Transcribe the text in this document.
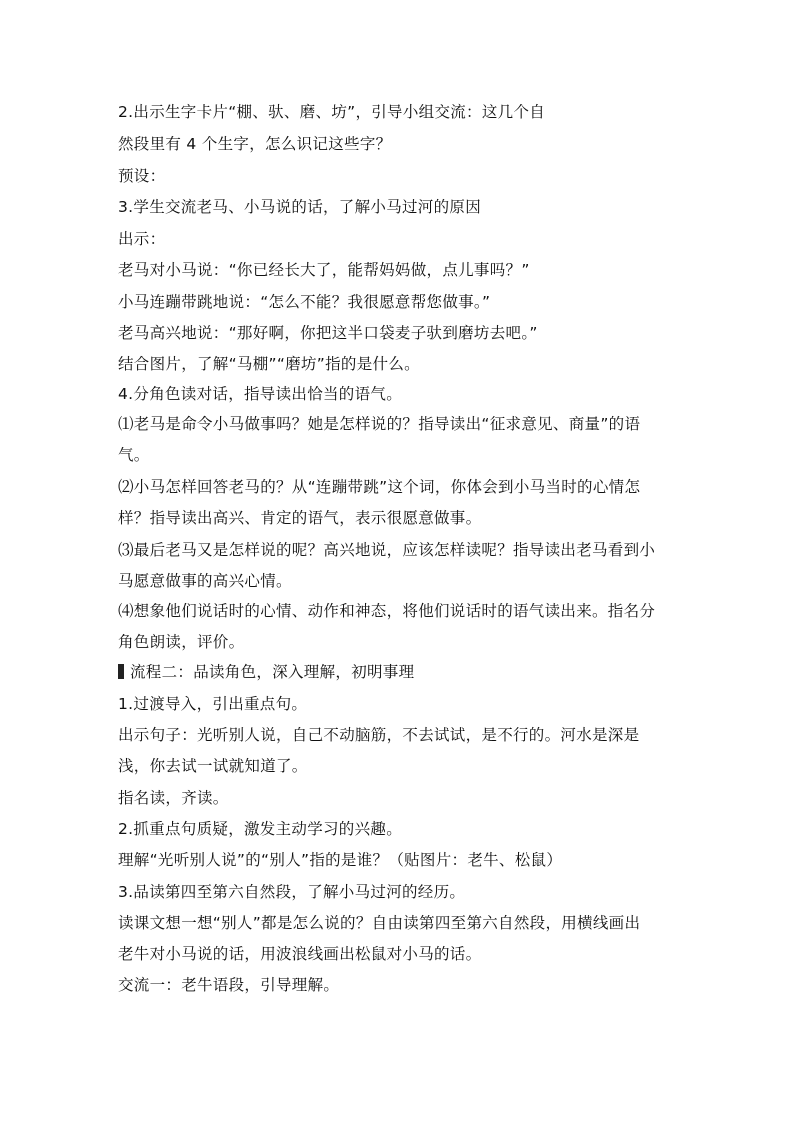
2.出示生字卡片“棚、驮、磨、坊”，引导小组交流：这几个自
然段里有 4 个生字，怎么识记这些字？
预设：
3.学生交流老马、小马说的话，了解小马过河的原因
出示：
老马对小马说：“你已经长大了，能帮妈妈做，点儿事吗？”
小马连蹦带跳地说：“怎么不能？我很愿意帮您做事。”
老马高兴地说：“那好啊，你把这半口袋麦子驮到磨坊去吧。”
结合图片，了解“马棚”“磨坊”指的是什么。
4.分角色读对话，指导读出恰当的语气。
⑴老马是命令小马做事吗？她是怎样说的？指导读出“征求意见、商量”的语
气。
⑵小马怎样回答老马的？从“连蹦带跳”这个词，你体会到小马当时的心情怎
样？指导读出高兴、肯定的语气，表示很愿意做事。
⑶最后老马又是怎样说的呢？高兴地说，应该怎样读呢？指导读出老马看到小
马愿意做事的高兴心情。
⑷想象他们说话时的心情、动作和神态，将他们说话时的语气读出来。指名分
角色朗读，评价。
流程二：品读角色，深入理解，初明事理
1.过渡导入，引出重点句。
出示句子：光听别人说，自己不动脑筋，不去试试，是不行的。河水是深是
浅，你去试一试就知道了。
指名读，齐读。
2.抓重点句质疑，激发主动学习的兴趣。
理解“光听别人说”的“别人”指的是谁？（贴图片：老牛、松鼠）
3.品读第四至第六自然段，了解小马过河的经历。
读课文想一想“别人”都是怎么说的？自由读第四至第六自然段，用横线画出
老牛对小马说的话，用波浪线画出松鼠对小马的话。
交流一：老牛语段，引导理解。
